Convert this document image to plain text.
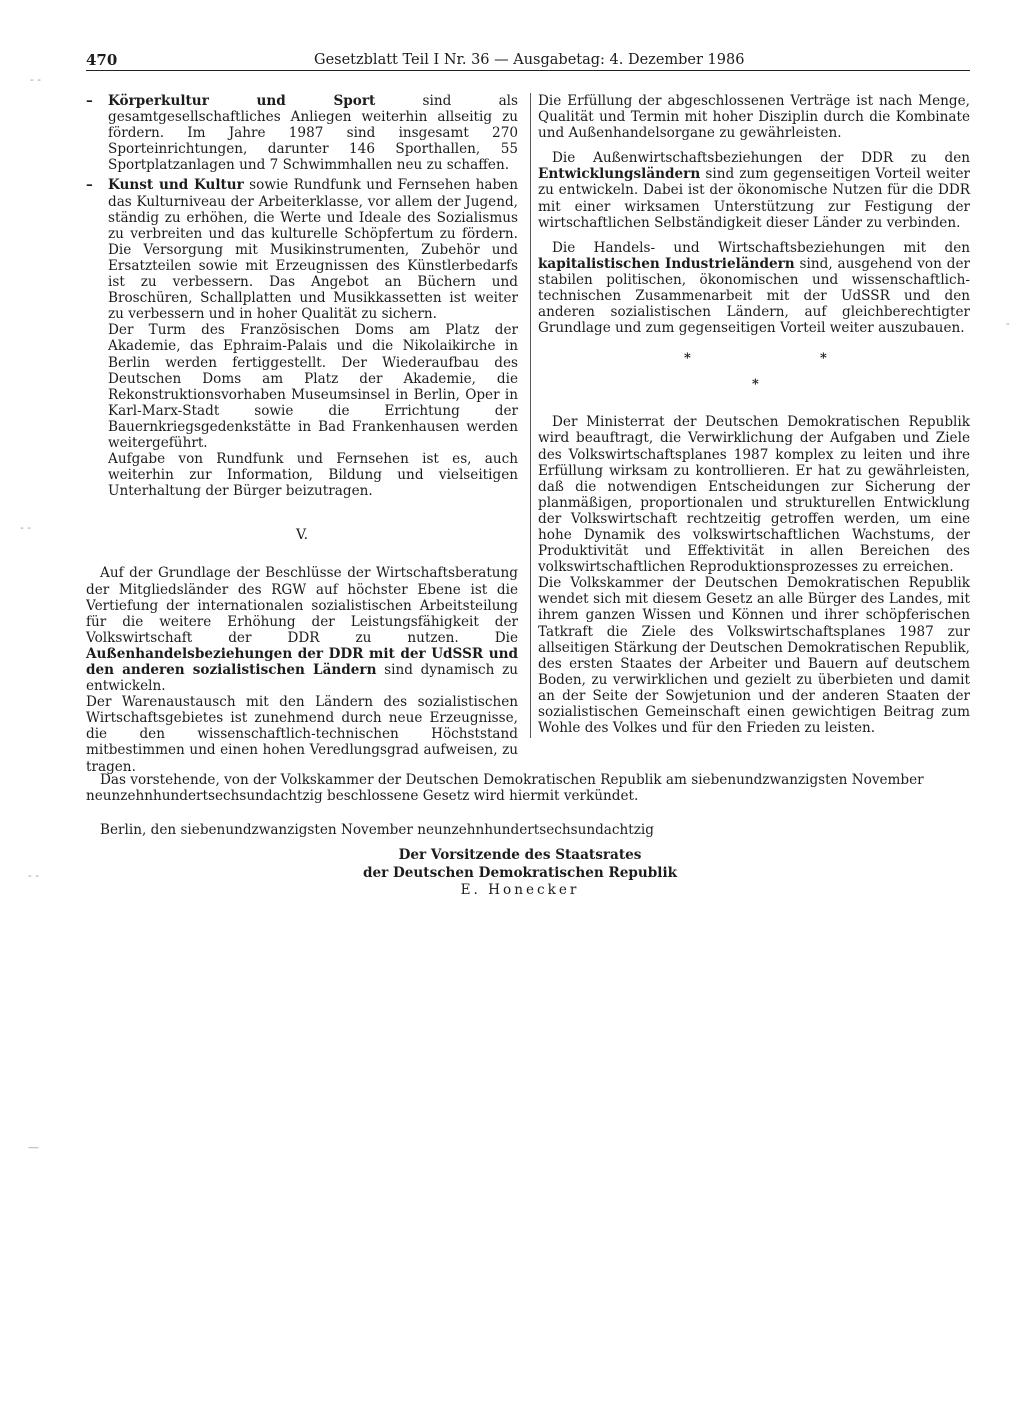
470	Gesetzblatt Teil I Nr. 36 — Ausgabetag: 4. Dezember 1986
– Körperkultur und Sport sind als gesamtgesellschaftliches Anliegen weiterhin allseitig zu fördern. Im Jahre 1987 sind insgesamt 270 Sporteinrichtungen, darunter 146 Sporthallen, 55 Sportplatzanlagen und 7 Schwimmhallen neu zu schaffen.

– Kunst und Kultur sowie Rundfunk und Fernsehen haben das Kulturniveau der Arbeiterklasse, vor allem der Jugend, ständig zu erhöhen, die Werte und Ideale des Sozialismus zu verbreiten und das kulturelle Schöpfertum zu fördern. Die Versorgung mit Musikinstrumenten, Zubehör und Ersatzteilen sowie mit Erzeugnissen des Künstlerbedarfs ist zu verbessern. Das Angebot an Büchern und Broschüren, Schallplatten und Musikkassetten ist weiter zu verbessern und in hoher Qualität zu sichern.

Der Turm des Französischen Doms am Platz der Akademie, das Ephraim-Palais und die Nikolaikirche in Berlin werden fertiggestellt. Der Wiederaufbau des Deutschen Doms am Platz der Akademie, die Rekonstruktionsvorhaben Museumsinsel in Berlin, Oper in Karl-Marx-Stadt sowie die Errichtung der Bauernkriegsgedenkstätte in Bad Frankenhausen werden weitergeführt.

Aufgabe von Rundfunk und Fernsehen ist es, auch weiterhin zur Information, Bildung und vielseitigen Unterhaltung der Bürger beizutragen.

V.

Auf der Grundlage der Beschlüsse der Wirtschaftsberatung der Mitgliedsländer des RGW auf höchster Ebene ist die Vertiefung der internationalen sozialistischen Arbeitsteilung für die weitere Erhöhung der Leistungsfähigkeit der Volkswirtschaft der DDR zu nutzen. Die Außenhandelsbeziehungen der DDR mit der UdSSR und den anderen sozialistischen Ländern sind dynamisch zu entwickeln.

Der Warenaustausch mit den Ländern des sozialistischen Wirtschaftsgebietes ist zunehmend durch neue Erzeugnisse, die den wissenschaftlich-technischen Höchststand mitbestimmen und einen hohen Veredlungsgrad aufweisen, zu tragen.

Die Erfüllung der abgeschlossenen Verträge ist nach Menge, Qualität und Termin mit hoher Disziplin durch die Kombinate und Außenhandelsorgane zu gewährleisten.

Die Außenwirtschaftsbeziehungen der DDR zu den Entwicklungsländern sind zum gegenseitigen Vorteil weiter zu entwickeln. Dabei ist der ökonomische Nutzen für die DDR mit einer wirksamen Unterstützung zur Festigung der wirtschaftlichen Selbständigkeit dieser Länder zu verbinden.

Die Handels- und Wirtschaftsbeziehungen mit den kapitalistischen Industrieländern sind, ausgehend von der stabilen politischen, ökonomischen und wissenschaftlich-technischen Zusammenarbeit mit der UdSSR und den anderen sozialistischen Ländern, auf gleichberechtigter Grundlage und zum gegenseitigen Vorteil weiter auszubauen.

*	*
*

Der Ministerrat der Deutschen Demokratischen Republik wird beauftragt, die Verwirklichung der Aufgaben und Ziele des Volkswirtschaftsplanes 1987 komplex zu leiten und ihre Erfüllung wirksam zu kontrollieren. Er hat zu gewährleisten, daß die notwendigen Entscheidungen zur Sicherung der planmäßigen, proportionalen und strukturellen Entwicklung der Volkswirtschaft rechtzeitig getroffen werden, um eine hohe Dynamik des volkswirtschaftlichen Wachstums, der Produktivität und Effektivität in allen Bereichen des volkswirtschaftlichen Reproduktionsprozesses zu erreichen.

Die Volkskammer der Deutschen Demokratischen Republik wendet sich mit diesem Gesetz an alle Bürger des Landes, mit ihrem ganzen Wissen und Können und ihrer schöpferischen Tatkraft die Ziele des Volkswirtschaftsplanes 1987 zur allseitigen Stärkung der Deutschen Demokratischen Republik, des ersten Staates der Arbeiter und Bauern auf deutschem Boden, zu verwirklichen und gezielt zu überbieten und damit an der Seite der Sowjetunion und der anderen Staaten der sozialistischen Gemeinschaft einen gewichtigen Beitrag zum Wohle des Volkes und für den Frieden zu leisten.

Das vorstehende, von der Volkskammer der Deutschen Demokratischen Republik am siebenundzwanzigsten November neunzehnhundertsechsundachtzig beschlossene Gesetz wird hiermit verkündet.

Berlin, den siebenundzwanzigsten November neunzehnhundertsechsundachtzig

Der Vorsitzende des Staatsrates
der Deutschen Demokratischen Republik
E. Honecker
‐ ‐
‐ ‐
‐ ‐
—
‐
